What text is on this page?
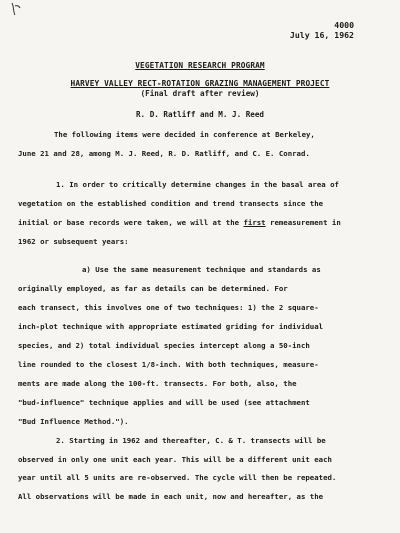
4000
July 16, 1962
VEGETATION RESEARCH PROGRAM
HARVEY VALLEY RECT-ROTATION GRAZING MANAGEMENT PROJECT
(Final draft after review)
R. D. Ratliff and M. J. Reed

The following items were decided in conference at Berkeley,

June 21 and 28, among M. J. Reed, R. D. Ratliff, and C. E. Conrad.

1. In order to critically determine changes in the basal area of

vegetation on the established condition and trend transects since the

initial or base records were taken, we will at the first remeasurement in

1962 or subsequent years:

a) Use the same measurement technique and standards as

originally employed, as far as details can be determined. For

each transect, this involves one of two techniques: 1) the 2 square-

inch-plot technique with appropriate estimated griding for individual

species, and 2) total individual species intercept along a 50-inch

line rounded to the closest 1/8-inch. With both techniques, measure-

ments are made along the 100-ft. transects. For both, also, the

"bud-influence" technique applies and will be used (see attachment

"Bud Influence Method.").

2. Starting in 1962 and thereafter, C. & T. transects will be

observed in only one unit each year. This will be a different unit each

year until all 5 units are re-observed. The cycle will then be repeated.

All observations will be made in each unit, now and hereafter, as the
